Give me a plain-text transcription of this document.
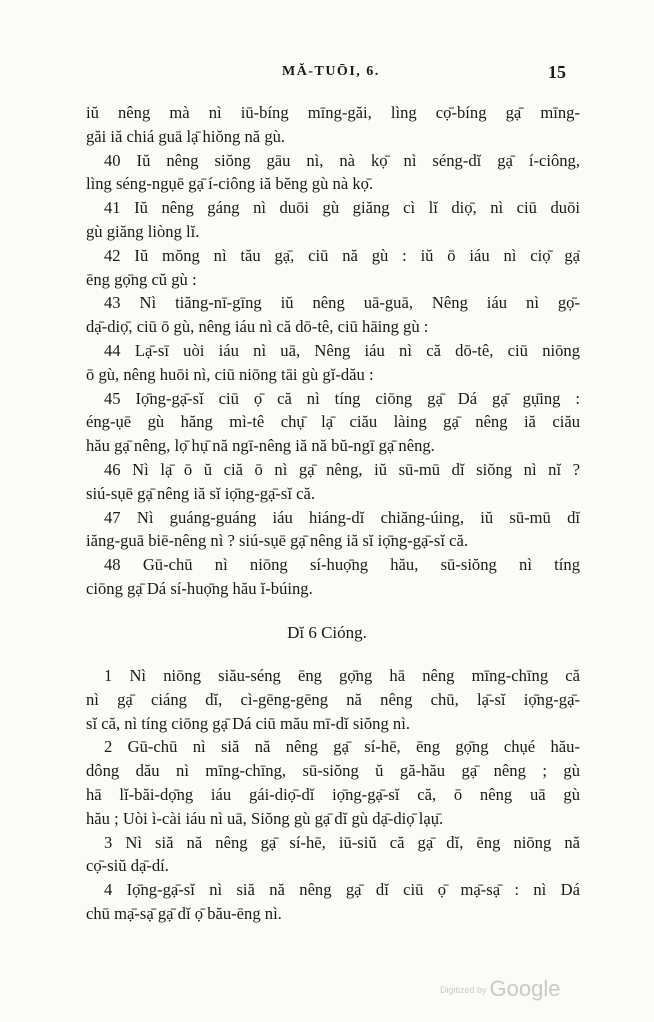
MĂ-TUŌI, 6.	15
iŭ nêng mà nì iū-bíng mīng-găi, lìng cọ̄-bíng gạ̄ mīng-
găi iă chiá guā lạ̄ hiŏng nă gù.
40 Iŭ nêng siŏng gāu nì, nà kọ̄ nì séng-dĭ gạ̄ í-ciông,
lìng séng-ngụē gạ̄ í-ciông iă bĕng gù nà kọ̄.
41 Iŭ nêng gáng nì duōi gù giăng cì lĭ diọ̄, nì ciū duōi
gù giăng liòng lĭ.
42 Iŭ mŏng nì tău gạ̄, ciū nă gù : iŭ ō iáu nì ciọ̄ gạ̄
ēng gọ̄ng cŭ gù :
43 Nì tiăng-nī-gīng iŭ nêng uā-guā, Nêng iáu nì gọ̄-
dạ̄-diọ̄, ciū ō gù, nêng iáu nì că dō-tê, ciū hāing gù :
44 Lạ̄-sī uòi iáu nì uā, Nêng iáu nì că dō-tê, ciū niōng
ō gù, nêng huōi nì, ciū niōng tāi gù gĭ-dău :
45 Iọ̄ng-gạ̄-sĭ ciū ọ̄ că nì tíng ciōng gạ̄ Dá gạ̄ gụ̄ing :
éng-ụē gù hăng mì-tê chụ̄ lạ̄ ciău làing gạ̄ nêng iă ciău
hău gạ̄ nêng, lọ̄ hụ̄ nă ngī-nêng iă nă bŭ-ngī gạ̄ nêng.
46 Nì lạ̄ ō ŭ ciă ō nì gạ̄ nêng, iŭ sū-mū dĭ siŏng nì nĭ ?
siú-sụē gạ̄ nêng iă sĭ iọ̄ng-gạ̄-sĭ că.
47 Nì guáng-guáng iáu hiáng-dĭ chiăng-úing, iŭ sū-mū dĭ
iăng-guā biē-nêng nì ? siú-sụē gạ̄ nêng iă sĭ iọ̄ng-gạ̄-sĭ că.
48 Gū-chū nì niōng sí-huọ̄ng hău, sū-siŏng nì tíng
ciōng gạ̄ Dá sí-huọ̄ng hău ĭ-búing.
Dĭ 6 Cióng.
1 Nì niōng siău-séng ēng gọ̄ng hā nêng mīng-chīng că
nì gạ̄ ciáng dĭ, cì-gēng-gēng nă nêng chū, lạ̄-sĭ iọ̄ng-gạ̄-
sĭ că, nì tíng ciōng gạ̄ Dá ciū mău mī-dĭ siŏng nì.
2 Gū-chū nì siă nă nêng gạ̄ sí-hē, ēng gọ̄ng chụé hău-
dông dău nì mīng-chīng, sū-siŏng ŭ gă-hău gạ̄ nêng ; gù
hā lĭ-băi-dọ̄ng iáu gái-diọ̄-dĭ iọ̄ng-gạ̄-sĭ că, ō nêng uā gù
hău ; Uòi ì-cài iáu nì uā, Siŏng gù gạ̄ dĭ gù dạ̄-diọ̄ lạụ̄.
3 Nì siă nă nêng gạ̄ sí-hē, iū-siŭ că gạ̄ dĭ, ēng niōng nă
cọ̄-siŭ dạ̄-dí.
4 Iọ̄ng-gạ̄-sĭ nì siă nă nêng gạ̄ dĭ ciū ọ̄ mạ̄-sạ̄ : nì Dá
chū mạ̄-sạ̄ gạ̄ dĭ ọ̄ bău-ēng nì.
Digitized by Google
